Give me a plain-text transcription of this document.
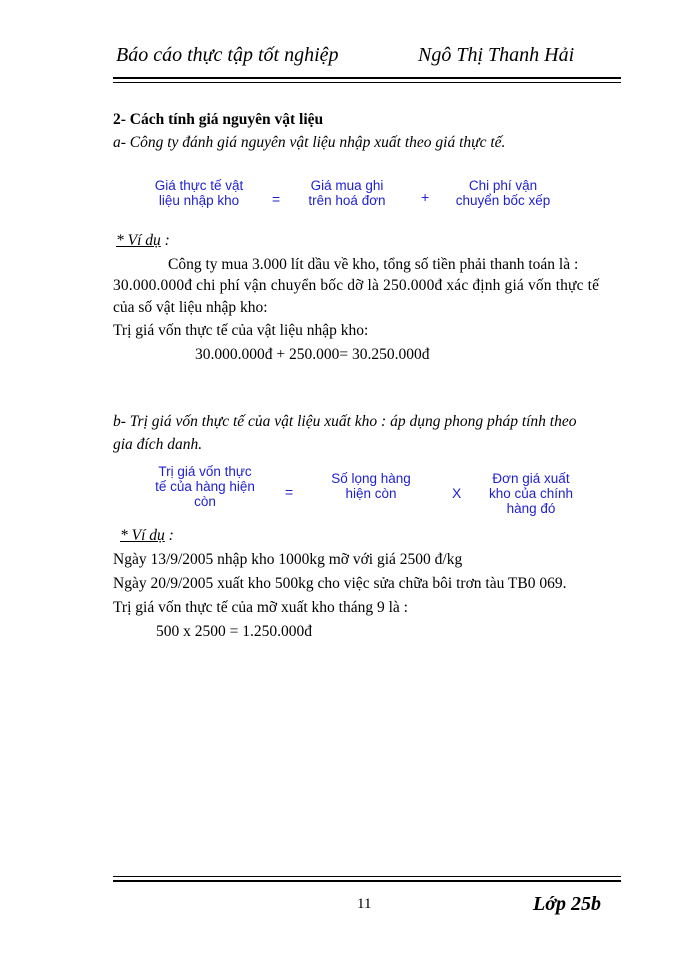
Báo cáo thực tập tốt nghiệp	Ngô Thị Thanh Hải
2- Cách tính giá nguyên vật liệu
a- Công ty đánh giá nguyên vật liệu nhập xuất theo giá thực tế.
Giá thực tế vật
liệu nhập kho	=
Giá mua ghi
trên hoá đơn	+
Chi phí vận
chuyển bốc xếp
* Ví dụ :
Công ty mua 3.000 lít dầu về kho, tổng số tiền phải thanh toán là :
30.000.000đ chi phí vận chuyển bốc dỡ là 250.000đ xác định giá vốn thực tế
của số vật liệu nhập kho:
Trị giá vốn thực tế của vật liệu nhập kho:
30.000.000đ + 250.000= 30.250.000đ
b- Trị giá vốn thực tế của vật liệu xuất kho : áp dụng phong pháp tính theo
gia đích danh.
Trị giá vốn thực
tế của hàng hiện
còn
=
Số lọng hàng
hiện còn	X
Đơn giá xuất
kho của chính
hàng đó
* Ví dụ :
Ngày 13/9/2005 nhập kho 1000kg mỡ với giá 2500 đ/kg
Ngày 20/9/2005 xuất kho 500kg cho việc sửa chữa bôi trơn tàu TB0 069.
Trị giá vốn thực tế của mỡ xuất kho tháng 9 là :
500 x 2500 = 1.250.000đ
11	Lớp 25b
